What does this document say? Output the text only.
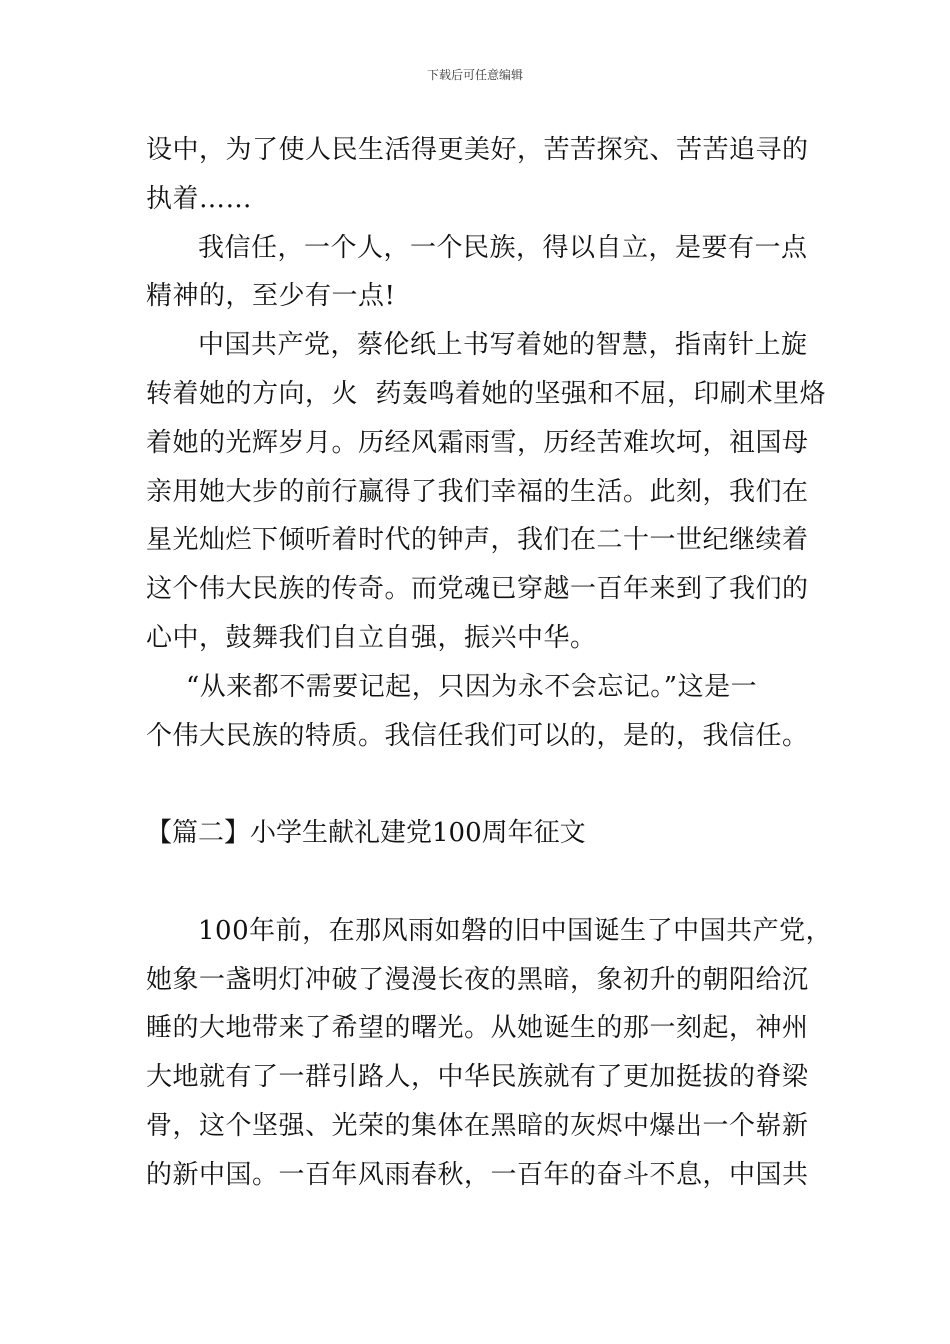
下载后可任意编辑
设中，为了使人民生活得更美好，苦苦探究、苦苦追寻的
执着……
我信任，一个人，一个民族，得以自立，是要有一点
精神的，至少有一点!
中国共产党，蔡伦纸上书写着她的智慧，指南针上旋
转着她的方向，火  药轰鸣着她的坚强和不屈，印刷术里烙
着她的光辉岁月。历经风霜雨雪，历经苦难坎坷，祖国母
亲用她大步的前行赢得了我们幸福的生活。此刻，我们在
星光灿烂下倾听着时代的钟声，我们在二十一世纪继续着
这个伟大民族的传奇。而党魂已穿越一百年来到了我们的
心中，鼓舞我们自立自强，振兴中华。
“从来都不需要记起，只因为永不会忘记。”这是一
个伟大民族的特质。我信任我们可以的，是的，我信任。
【篇二】小学生献礼建党100周年征文
100年前，在那风雨如磐的旧中国诞生了中国共产党，
她象一盏明灯冲破了漫漫长夜的黑暗，象初升的朝阳给沉
睡的大地带来了希望的曙光。从她诞生的那一刻起，神州
大地就有了一群引路人，中华民族就有了更加挺拔的脊梁
骨，这个坚强、光荣的集体在黑暗的灰烬中爆出一个崭新
的新中国。一百年风雨春秋，一百年的奋斗不息，中国共
